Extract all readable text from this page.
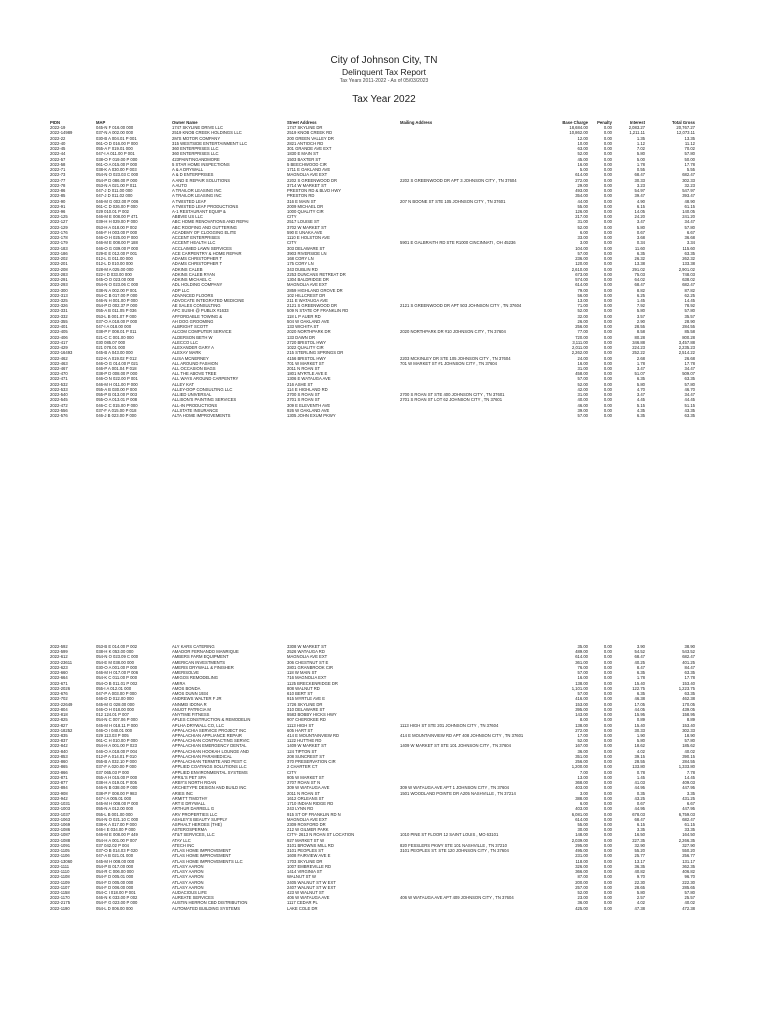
City of Johnson City, TN
Delinquent Tax Report
Tax Years 2011-2022 - As of 05/03/2023
Tax Year 2022
PIDN	MAP	Owner Name	Street Address	Mailing Address	Base Charge	Penalty	Interest	Total Gross
2022-19	045-N F 016.00 000	1747 SKYLINE DRIVE LLC	1747 SKYLINE DR	18,684.00	0.00	2,083.27	20,767.27
2022-14989	037-N A 002.00 000	2519 KNOB CREEK HOLDINGS LLC	2519 KNOB CREEK RD	10,862.00	0.00	1,211.11	12,073.11
2022-22	030-B A 004.01 P 001	2M'S MOTOR COMPANY	200 GREEN VALLEY DR	12.00	0.00	1.35	13.35
2022-40	061-O D 016.00 P 000	315 WESTSIDE ENTERTAINMENT LLC	2821 ANTIOCH RD	10.00	0.00	1.12	11.12
2022-45	055-A F 019.01 000	360 ENTERPRISES LLC	301 GRANDE AVE EXT	63.00	0.00	7.02	70.02
2022-44	047-I A 011.00 P 001	360 ENTERPRISES LLC	1830 E MAIN ST	52.00	0.00	5.80	57.80
2022-57	038-O F 019.00 P 000	423PAINTINGANDMORE	1503 BAXTER ST	45.00	0.00	5.00	50.00
2022-58	061-O A 015.00 P 000	5 STAR HOME INSPECTIONS	5 BEECHWOOD CIR	16.00	0.00	1.78	17.78
2022-71	038-K A 030.00 P 003	A & A DRYWALL	1711 E OAKLAND AVE	5.00	0.00	0.55	5.55
2022-73	054-N O 023.03 C 000	A & D ENTERPRISES	MAGNOLIA AVE EXT	614.00	0.00	68.47	682.47
2022-77	054-P D 086.00 P 000	A AND E REPAIR SOLUTIONS	2202 S GREENWOOD DR	2202 S GREENWOOD DR APT 3 JOHNSON CITY , TN 37604	272.00	0.00	30.33	302.33
2022-78	053-N A 021.00 P 011	A AUTO	3714 W MARKET ST	29.00	0.00	3.23	32.23
2022-86	047-J D 011.00 000	A TRAILOR LEASING INC	PRESTON RD & BLVD HWY	493.00	0.00	54.97	547.97
2022-85	047-J D 011.02 000	A TRAILOR LEASING INC	PRESTON RD	354.00	0.00	39.47	393.47
2022-90	046-M G 002.00 P 006	A TWISTED LEAF	316 E MAIN ST	207 N BOONE ST STE 105 JOHNSON CITY , TN 37601	44.00	0.00	4.90	48.90
2022-91	061-C D 026.00 P 000	A TWISTED LEAF PRODUCTIONS	2009 MICHAEL DR	55.00	0.00	6.15	61.15
2022-96	029 010.01 P 002	A-1 RESTAURANT EQUIP &	1000 QUALITY CIR	126.00	0.00	14.05	140.05
2022-125	046-M E 008.00 P 471	ABBVIE US LLC	CITY	217.00	0.00	24.20	241.20
2022-127	039-H H 029.00 P 000	ABC HOME RENOVATIONS AND REPAI	2517 LOUISE ST	31.00	0.00	3.47	34.47
2022-129	053-H A 018.00 P 002	ABC ROOFING AND GUTTERING	3702 W MARKET ST	52.00	0.00	5.80	57.80
2022-176	046-F H 003.00 P 000	ACADEMY OF CLOGGING ELITE	590 E UNAKA AVE	6.00	0.00	0.67	6.67
2022-178	046-O H 025.00 P 000	ACCENT ENTERPRISES	1110 E HOLSTON AVE	33.00	0.00	3.68	36.68
2022-179	046-M E 008.00 P 188	ACCENT HEALTH LLC	CITY	5901 E GALBRAITH RD STE R1000 CINCINNATI , OH 45236	3.00	0.00	0.34	3.34
2022-183	046-O G 039.00 P 000	ACCLAIMED LAWN SERVICES	303 DELAWARE ST	104.00	0.00	11.60	115.60
2022-186	029-E E 012.00 P 001	ACE CARPENTRY & HOME REPAIR	3903 RIVERSIDE LN	57.00	0.00	6.35	63.35
2022-202	012-L G 011.00 000	ADAMS CHRISTOPHER T	168 CORY LN	236.00	0.00	26.32	262.32
2022-201	012-L D 010.00 000	ADAMS CHRISTOPHER T	175 CORY LN	120.00	0.00	13.38	133.38
2022-208	028-M A 025.00 000	ADKINS CALEB	343 DUBLIN RD	2,610.00	0.00	291.02	2,901.02
2022-283	022-I D 033.00 000	ADKINS CALEB RYAN	2253 DUNCANS RETREAT DR	673.00	0.00	75.03	748.03
2022-291	045-O O 023.00 000	ADKINS MICHAEL C	1304 BALDRIDGE DR	574.00	0.00	64.02	638.02
2022-293	054-N O 023.06 C 000	ADL HOLDING COMPANY	MAGNOLIA AVE EXT	614.00	0.00	68.47	682.47
2022-300	038-N A 002.00 P 001	ADP LLC	2859 HIGHLAND GROVE DR	79.00	0.00	8.82	87.82
2022-313	054-C B 017.00 P 000	ADVANCED FLOORS	102 HILLCREST DR	56.00	0.00	6.25	62.25
2022-325	046-N H 001.00 P 000	ADVOCATE INTEGRATED MEDICINE	211 E WATAUGA AVE	13.00	0.00	1.45	14.45
2022-326	054-P D 002.37 P 000	AE SALES CONSULTING	2121 S GREENWOOD DR	2121 S GREENWOOD DR APT 503 JOHNSON CITY , TN 37604	71.00	0.00	7.92	78.92
2022-331	055-A B 011.05 P 036	AFC SUSHI @ PUBLIX #1633	509 N STATE OF FRANKLIN RD	52.00	0.00	5.80	57.80
2022-332	053-L B 001.07 P 000	AFFORDABLE TOWING &	118 L P AUER RD	32.00	0.00	3.57	35.57
2022-355	037-O A 018.00 P 000	AH DOG GROOMING	504 W OAKLAND AVE	26.00	0.00	2.90	28.90
2022-401	047-I A 018.00 000	ALBRIGHT SCOTT	133 WICHITA ST	256.00	0.00	28.55	284.55
2022-405	038-P F 008.01 P 011	ALCOM COMPUTER SERVICE	2020 NORTHPARK DR	2020 NORTHPARK DR #10 JOHNSON CITY , TN 37604	77.00	0.00	8.58	85.58
2022-406	021-C C 001.00 000	ALDERSON BETH W	133 DAWN DR	720.00	0.00	80.28	800.28
2022-417	030 085.07 000	ALECCO LLC	2720 BRISTOL HWY	3,111.00	0.00	346.88	3,457.88
2022-429	021 078.01 000	ALEXANDER GARY A	1022 QUALITY CIR	2,011.00	0.00	224.23	2,235.23
2022-16493	045-B A 043.00 000	ALEXAY MARK	215 STERLING SPRINGS DR	2,262.00	0.00	252.22	2,514.22
2022-462	022-K A 019.02 P 012	ALISA MCNERNEY	4156 BRISTOL HWY	2203 MCKINLEY DR STE 105 JOHNSON CITY , TN 37604	24.00	0.00	2.68	26.68
2022-463	046-O G 014.00 P 021	ALL AROUND FASHION	701 W MARKET ST	701 W MARKET ST #1 JOHNSON CITY , TN 37604	16.00	0.00	1.78	17.78
2022-467	046-P A 001.04 P 018	ALL OCCASION BAGS	2011 N ROAN ST	31.00	0.00	3.47	34.47
2022-470	038-P D 008.00 P 000	ALL THE ABOVE TREE	1801 MYRTLE AVE E	458.00	0.00	51.07	509.07
2022-471	046-O N 022.00 P 001	ALL WAYS AROUND CARPENTRY	1306 E WATAUGA AVE	57.00	0.00	6.35	63.35
2022-532	046-M H 011.00 P 000	ALLEY KAT	216 ASHE ST	52.00	0.00	5.80	57.80
2022-533	055-A B 030.00 P 000	ALLEY-OOP CONSULTING LLC	114 E HIGHLAND RD	42.00	0.00	4.70	46.70
2022-540	055-P B 013.00 P 003	ALLIED UNIVERSAL	2700 S ROAN ST	2700 S ROAN ST STE 400 JOHNSON CITY , TN 37601	31.00	0.00	3.47	34.47
2022-545	055-O A 013.01 P 008	ALLISON'S PAINTING SERVICES	2701 S ROAN ST	2701 S ROAN ST LOT 62 JOHNSON CITY , TN 37601	40.00	0.00	4.45	44.45
2022-472	046-C C 015.00 P 000	ALL-IN PRODUCTIONS	309 E ELEVENTH AVE	46.00	0.00	5.15	51.15
2022-556	037-F A 015.00 P 018	ALLSTATE INSURANCE	926 W OAKLAND AVE	39.00	0.00	4.35	43.35
2022-576	046-J B 023.00 P 000	ALTA HOME IMPROVEMENTS	1305 JOHN EXUM PKWY	57.00	0.00	6.35	63.35
2022-592	053-B E 014.00 P 002	ALY KARS CATERING	3308 W MARKET ST	35.00	0.00	3.90	38.90
2022-599	038-H K 053.00 000	AMADOR FERNANDO MANRIQUE	2526 WATAUGA RD	489.00	0.00	54.52	543.52
2022-612	054-N O 023.09 C 000	AMBERS FARM EQUIPMENT	MAGNOLIA AVE EXT	614.00	0.00	68.47	682.47
2022-23611	054-E M 038.00 000	AMERICAN INVESTMENTS	306 CHESTNUT ST E	361.00	0.00	40.25	401.25
2022-623	030-O A 001.00 P 000	AMERIS DRYWALL & FINISHER	2801 GRANBROOK CIR	76.00	0.00	8.47	84.47
2022-660	046-M H 017.00 P 006	AMERISOLVE	118 W MAIN ST	57.00	0.00	6.35	63.35
2022-664	054-K C 011.00 P 000	AMIGOS REMODELING	716 MAGNOLIA EXT	16.00	0.00	1.78	17.78
2022-671	054-O B 011.01 P 002	AMIRA	1125 BRECKENRIDGE DR	138.00	0.00	15.40	153.40
2022-2026	055-I A 012.01 000	AMOS BONDA	808 WALNUT RD	1,101.00	0.00	122.75	1,223.75
2022-676	047-P A 003.00 P 000	AMOS DUNN 1934	610 BERT ST	57.00	0.00	6.35	63.35
2022-702	046-D D 012.00 000	ANDREWS WALTER F JR	915 MYRTLE AVE E	416.00	0.00	46.38	462.38
2022-22649	045-M G 028.00 000	ANNMEI IDONA R	1726 SKYLINE DR	153.00	0.00	17.05	170.05
2022-804	046-O H 018.00 000	ANUOT PATRICIA M	310 DELAWARE ST	395.00	0.00	44.05	439.05
2022-818	012 124.01 P 007	ANYTIME FITNESS	5583 BOBBY HICKS HWY	143.00	0.00	15.95	158.95
2022-825	054-N C 007.06 P 000	APLES CONSTRUCTION & REMODELIN	907 CHEROKEE RD	8.00	0.00	0.89	8.89
2022-827	045-M H 018.11 P 000	APLHA DRYWALL CO, LLC	1113 HIGH ST	1113 HIGH ST STE 201 JOHNSON CITY , TN 37604	138.00	0.00	15.40	153.40
2022-18252	046-O I 040.01 000	APPALACHIA SERVICE PROJECT INC	605 HART ST	272.00	0.00	30.33	302.33
2022-835	029 113.03 P 005	APPALACHIAN APPLIANCE REPAIR	414 E MOUNTAINVIEW RD	414 E MOUNTAINVIEW RD APT 408 JOHNSON CITY , TN 37601	17.00	0.00	1.90	18.90
2022-837	061-C H 010.00 P 000	APPALACHIAN CONTRACTING SERVIC	1122 HUTTHE RD	52.00	0.00	5.80	57.80
2022-842	054-H A 001.00 P 023	APPALACHIAN EMERGENCY DENTAL	1409 W MARKET ST	1409 W MARKET ST STE 101 JOHNSON CITY , TN 37604	167.00	0.00	18.62	185.62
2022-840	046-O A 018.00 P 004	APPALACHIAN HOOKAH LOUNGE AND	124 TIPTON ST	36.00	0.00	4.02	40.02
2022-853	012-P A 014.01 P 010	APPALACHIAN PARAMEDICAL	208 SUNCREST ST	351.00	0.00	39.15	390.15
2022-860	055-B A 032.10 P 000	APPALACHIAN TERMITE AND PEST C	370 PRESERVATION CIR	256.00	0.00	28.55	284.55
2022-865	037-F A 020.00 P 000	APPLIED COATINGS SOLUTIONS LLC	2 CHARTER CT	1,200.00	0.00	133.80	1,333.80
2022-866	037 065.03 P 000	APPLIED ENVIRONMENTAL SYSTEMS	CITY	7.00	0.00	0.78	7.78
2022-871	055-A H 015.00 P 000	APRIL'S PET SPA	905 W MARKET ST	13.00	0.00	1.45	14.45
2022-877	038-H A 019.01 P 005	ARBY'S NORTH ROAN	2707 ROAN ST N	368.00	0.00	41.03	409.03
2022-894	046-N B 038.00 P 000	ARCHETYPE DESIGN AND BUILD INC	309 W WATAUGA AVE	309 W WATAUGA AVE APT 1 JOHNSON CITY , TN 37604	403.00	0.00	44.95	447.95
2022-908	038-P F 008.00 P 983	ARIES INC	2011 N ROAN ST	1501 WOODLAND POINTE DR A205 NASHVILLE , TN 37214	3.00	0.00	0.35	3.35
2022-942	047-I A 005.01 000	ARMITT TIMOTHY	1612 ORLEANS ST	388.00	0.00	43.25	431.25
2022-1031	045-M H 008.00 P 000	ART E DRYWALL	1710 INDIAN RIDGE RD	6.00	0.00	0.67	6.67
2022-1003	055-N A 012.00 000	ARTHUR DARRELL G	243 LYNN RD	403.00	0.00	44.95	447.95
2022-1037	055-L B 001.00 000	ARV PROPERTIES LLC	915 ST OF FRANKLIN RD N	6,081.00	0.00	678.03	6,759.03
2022-1063	054-N O 021.10 C 000	ASHLEY'S BEAUTY SUPPLY	MAGNOLIA AVE EXT	614.00	0.00	68.47	682.47
2022-1069	038-K A 017.00 P 000	ASPHALT HEROES (THE)	2309 ROXFORD DR	55.00	0.00	6.15	61.15
2022-1086	046-I E 034.00 P 000	ASTEROSPERMA	212 W GILMER PARK	30.00	0.00	3.35	33.35
2022-1087	046-M E 008.00 P 449	AT&T SERVICES, LLC	CITY- 2613 N ROAN ST LOCATION	1010 PINE ST FLOOR 12 SAINT LOUIS , MO 63101	148.00	0.00	16.50	164.50
2022-1088	054-H A 001.00 P 007	ATAY LLC	927 MARKET ST W	2,039.00	0.00	227.35	2,266.35
2022-1091	037 042.02 P 004	ATECH INC	3101 BROWNS MILL RD	820 FESSLERS PKWY STE 101 NASHVILLE , TN 37210	295.00	0.00	32.90	327.90
2022-1105	037-O B 014.03 P 020	ATLAS HOME IMPROVEMENT	3101 PEOPLES ST	3101 PEOPLES ST. STE 120 JOHNSON CITY , TN 37604	495.00	0.00	55.20	550.20
2022-1106	047-A B 021.01 000	ATLAS HOME IMPROVEMENT	1608 FAIRVIEW AVE E	231.00	0.00	25.77	256.77
2022-13060	045-M H 008.00 000	ATLAS HOME IMPROVEMENTS LLC	1703 SKYLINE DR	118.00	0.00	13.17	131.17
2022-1111	054-P B 017.00 000	ATLASY AARON	1007 EMBREVILLE RD	326.00	0.00	36.35	362.35
2022-1110	054-R C 006.00 000	ATLASY AARON	1414 VIRGINIA ST	366.00	0.00	40.82	406.82
2022-1108	054-F D 005.01 000	ATLASY AARON	WALNUT ST W	87.00	0.00	9.70	96.70
2022-1109	054-F D 005.00 000	ATLASY AARON	2405 WALNUT ST W EXT	200.00	0.00	22.30	222.30
2022-1107	054-F D 006.00 000	ATLASY AARON	2407 WALNUT ST W EXT	257.00	0.00	28.65	285.65
2022-1158	054-C I 018.00 P 001	AUDACIOUS LIFE	423 W WALNUT ST	52.00	0.00	5.80	57.80
2022-1170	046-N K 033.00 P 002	AUREATE SERVICES	406 W WATAUGA AVE	406 W WATAUGA AVE APT 409 JOHNSON CITY , TN 37604	23.00	0.00	2.57	25.57
2022-2175	054-F G 023.00 P 000	AUSTIN HERRON CBD DISTRIBUTION	1117 CEDAR PL	36.00	0.00	4.02	40.02
2022-1190	054-L D 006.00 000	AUTOMATED BUILDING SYSTEMS	LAKE COLE DR	425.00	0.00	47.38	472.38
